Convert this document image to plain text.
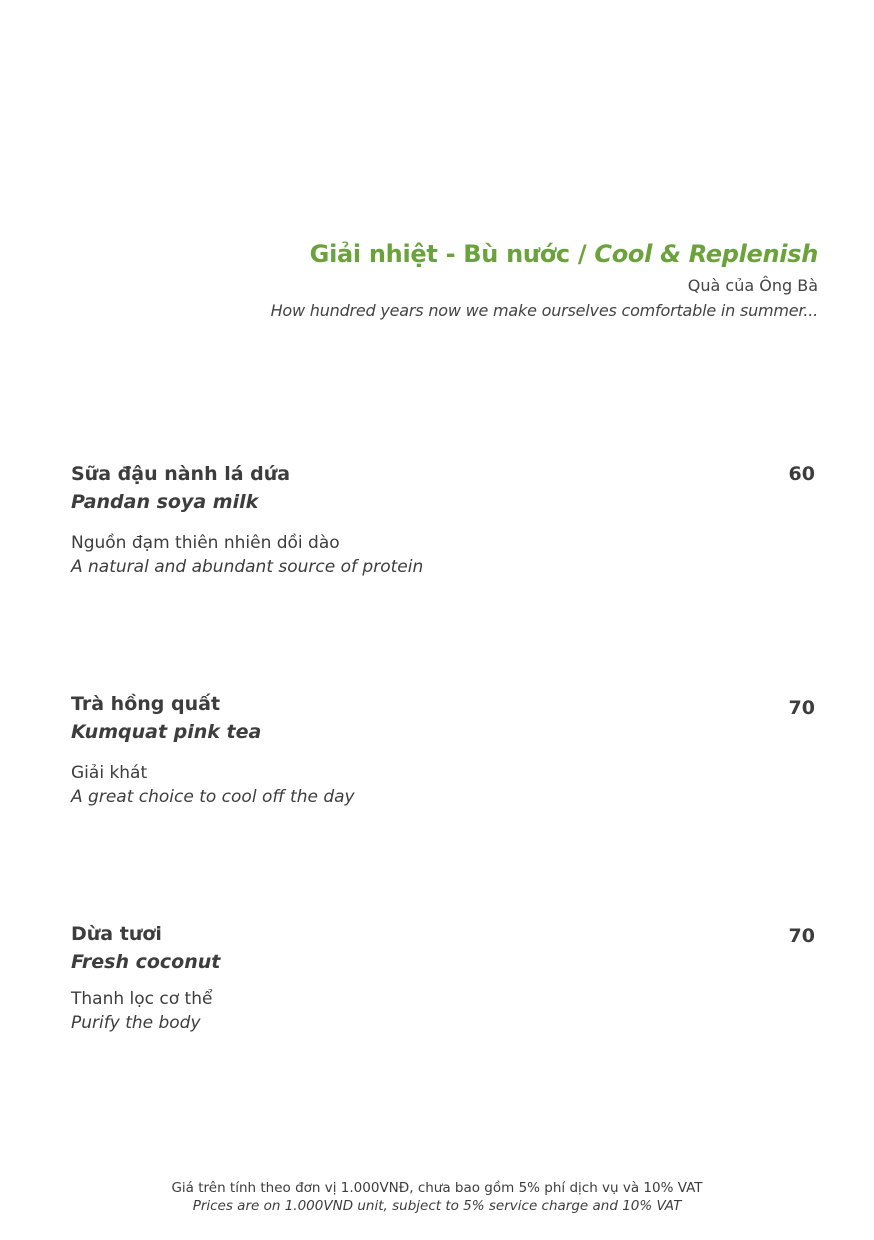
Giải nhiệt - Bù nước / Cool & Replenish
Quà của Ông Bà
How hundred years now we make ourselves comfortable in summer...
Sữa đậu nành lá dứa
Pandan soya milk
Nguồn đạm thiên nhiên dồi dào
A natural and abundant source of protein
60
Trà hồng quất
Kumquat pink tea
Giải khát
A great choice to cool off the day
70
Dừa tươi
Fresh coconut
Thanh lọc cơ thể
Purify the body
70
Giá trên tính theo đơn vị 1.000VNĐ, chưa bao gồm 5% phí dịch vụ và 10% VAT
Prices are on 1.000VND unit, subject to 5% service charge and 10% VAT
